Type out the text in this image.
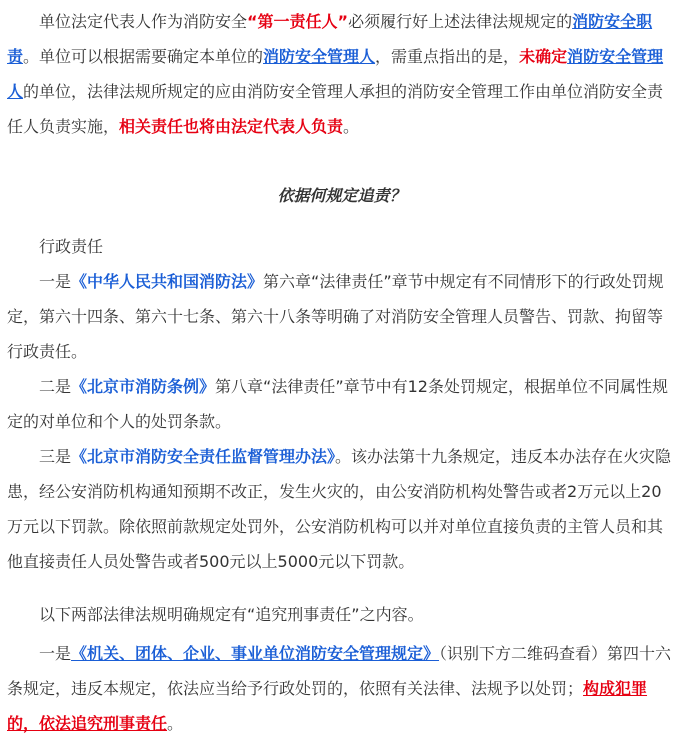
单位法定代表人作为消防安全“第一责任人”必须履行好上述法律法规规定的消防安全职责。单位可以根据需要确定本单位的消防安全管理人，需重点指出的是，未确定消防安全管理人的单位，法律法规所规定的应由消防安全管理人承担的消防安全管理工作由单位消防安全责任人负责实施，相关责任也将由法定代表人负责。

依据何规定追责？

行政责任

一是《中华人民共和国消防法》第六章“法律责任”章节中规定有不同情形下的行政处罚规定，第六十四条、第六十七条、第六十八条等明确了对消防安全管理人员警告、罚款、拘留等行政责任。

二是《北京市消防条例》第八章“法律责任”章节中有12条处罚规定，根据单位不同属性规定的对单位和个人的处罚条款。

三是《北京市消防安全责任监督管理办法》。该办法第十九条规定，违反本办法存在火灾隐患，经公安消防机构通知预期不改正，发生火灾的，由公安消防机构处警告或者2万元以上20万元以下罚款。除依照前款规定处罚外，公安消防机构可以并对单位直接负责的主管人员和其他直接责任人员处警告或者500元以上5000元以下罚款。

以下两部法律法规明确规定有“追究刑事责任”之内容。

一是《机关、团体、企业、事业单位消防安全管理规定》（识别下方二维码查看）第四十六条规定，违反本规定，依法应当给予行政处罚的，依照有关法律、法规予以处罚；构成犯罪的，依法追究刑事责任。
